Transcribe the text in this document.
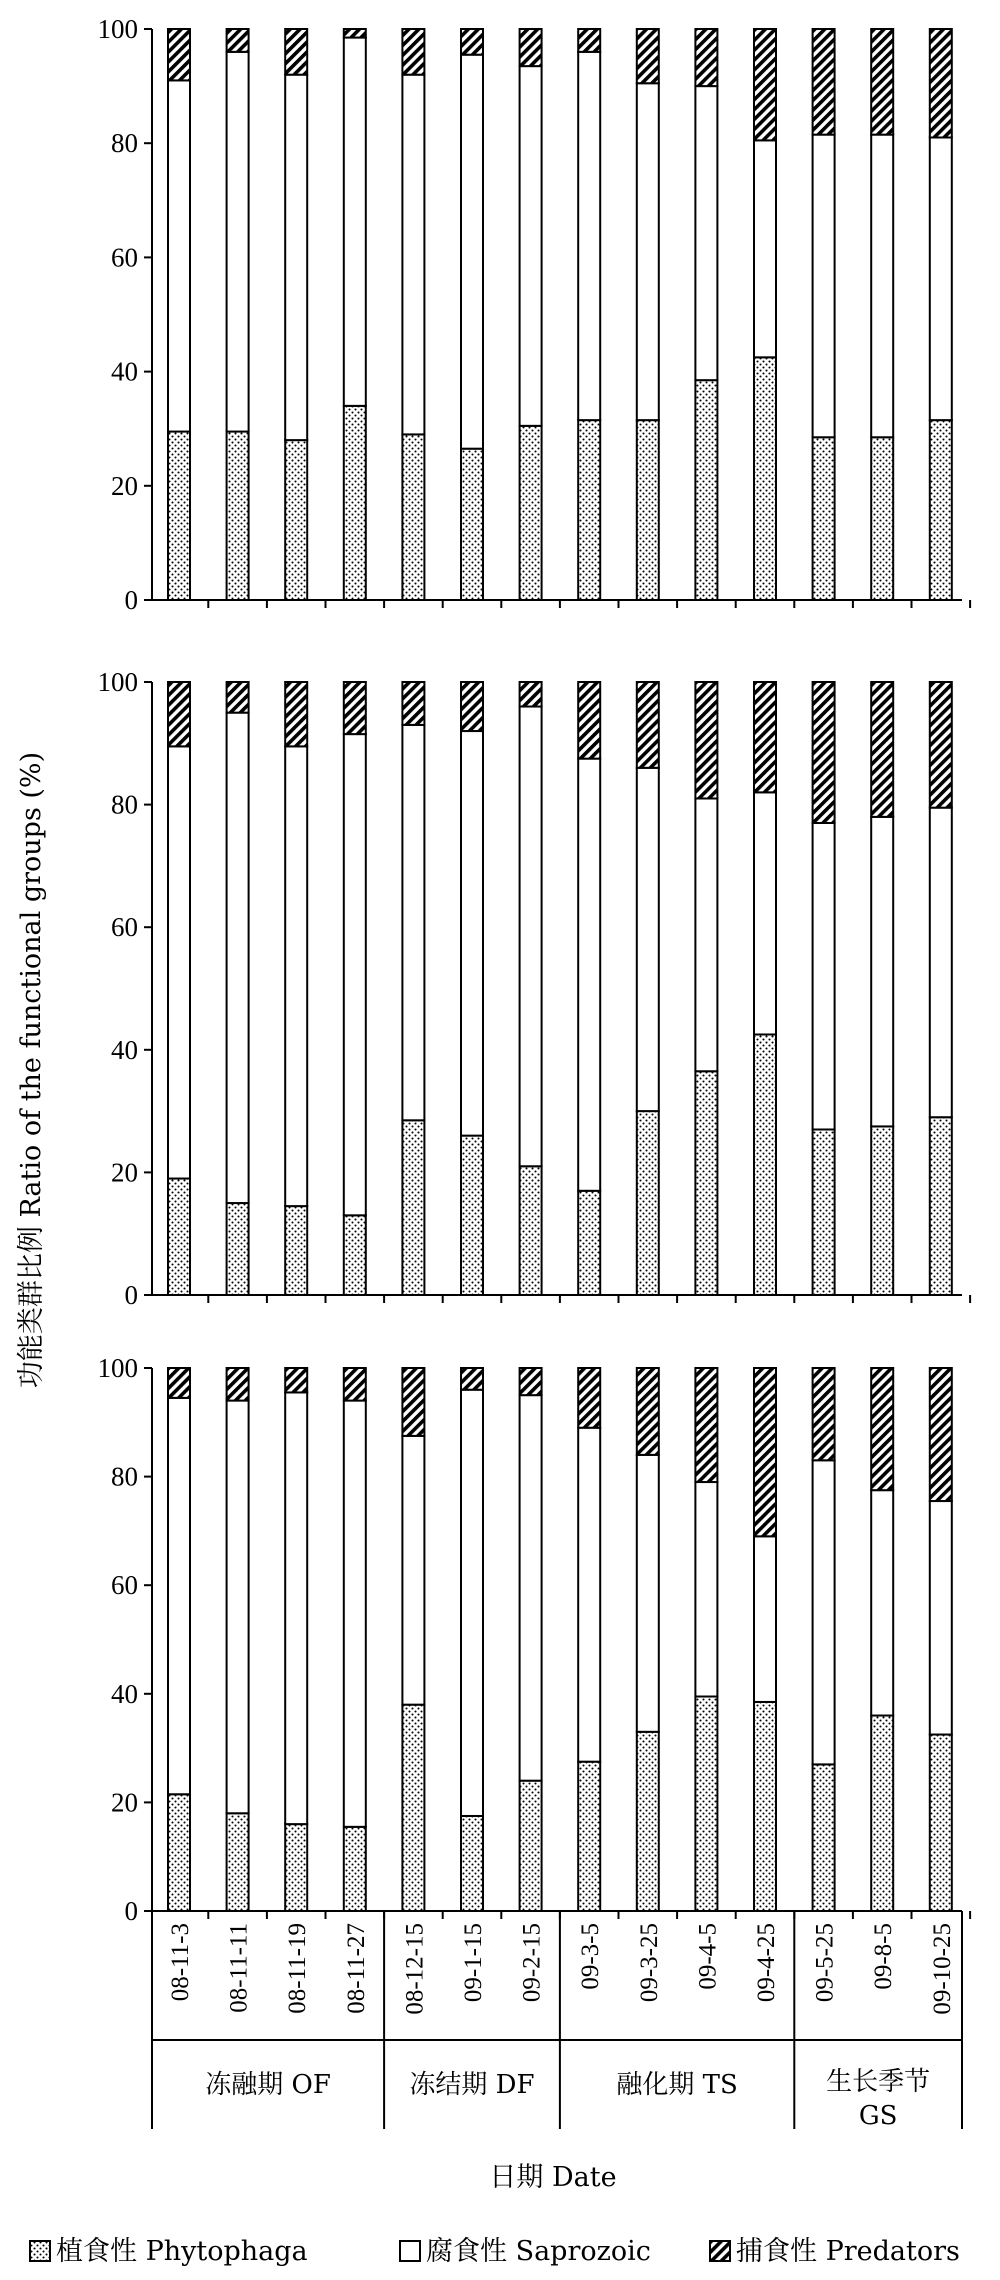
0
20
40
60
80
100
0
20
40
60
80
100
0
20
40
60
80
100
08-11-3 08-11-11 08-11-19 08-11-27 08-12-15 09-1-15 09-2-15 09-3-5 09-3-25 09-4-5 09-4-25 09-5-25 09-8-5 09-10-25
冻融期 OF	冻结期 DF	融化期 TS	生长季节
GS
功能类群比例 Ratio of the functional groups (%)
日期 Date
植食性 Phytophaga	腐食性 Saprozoic	捕食性 Predators
